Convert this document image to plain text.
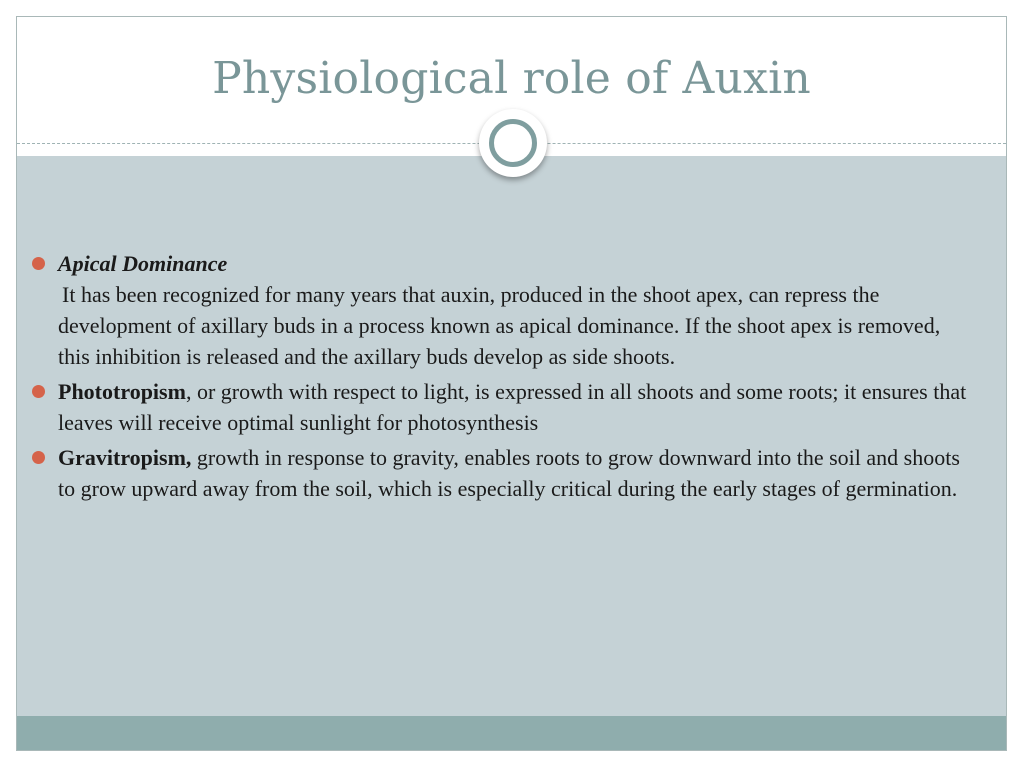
Physiological role of Auxin
Apical Dominance
It has been recognized for many years that auxin, produced in the shoot apex, can repress the development of axillary buds in a process known as apical dominance. If the shoot apex is removed, this inhibition is released and the axillary buds develop as side shoots.
Phototropism, or growth with respect to light, is expressed in all shoots and some roots; it ensures that leaves will receive optimal sunlight for photosynthesis
Gravitropism, growth in response to gravity, enables roots to grow downward into the soil and shoots to grow upward away from the soil, which is especially critical during the early stages of germination.
